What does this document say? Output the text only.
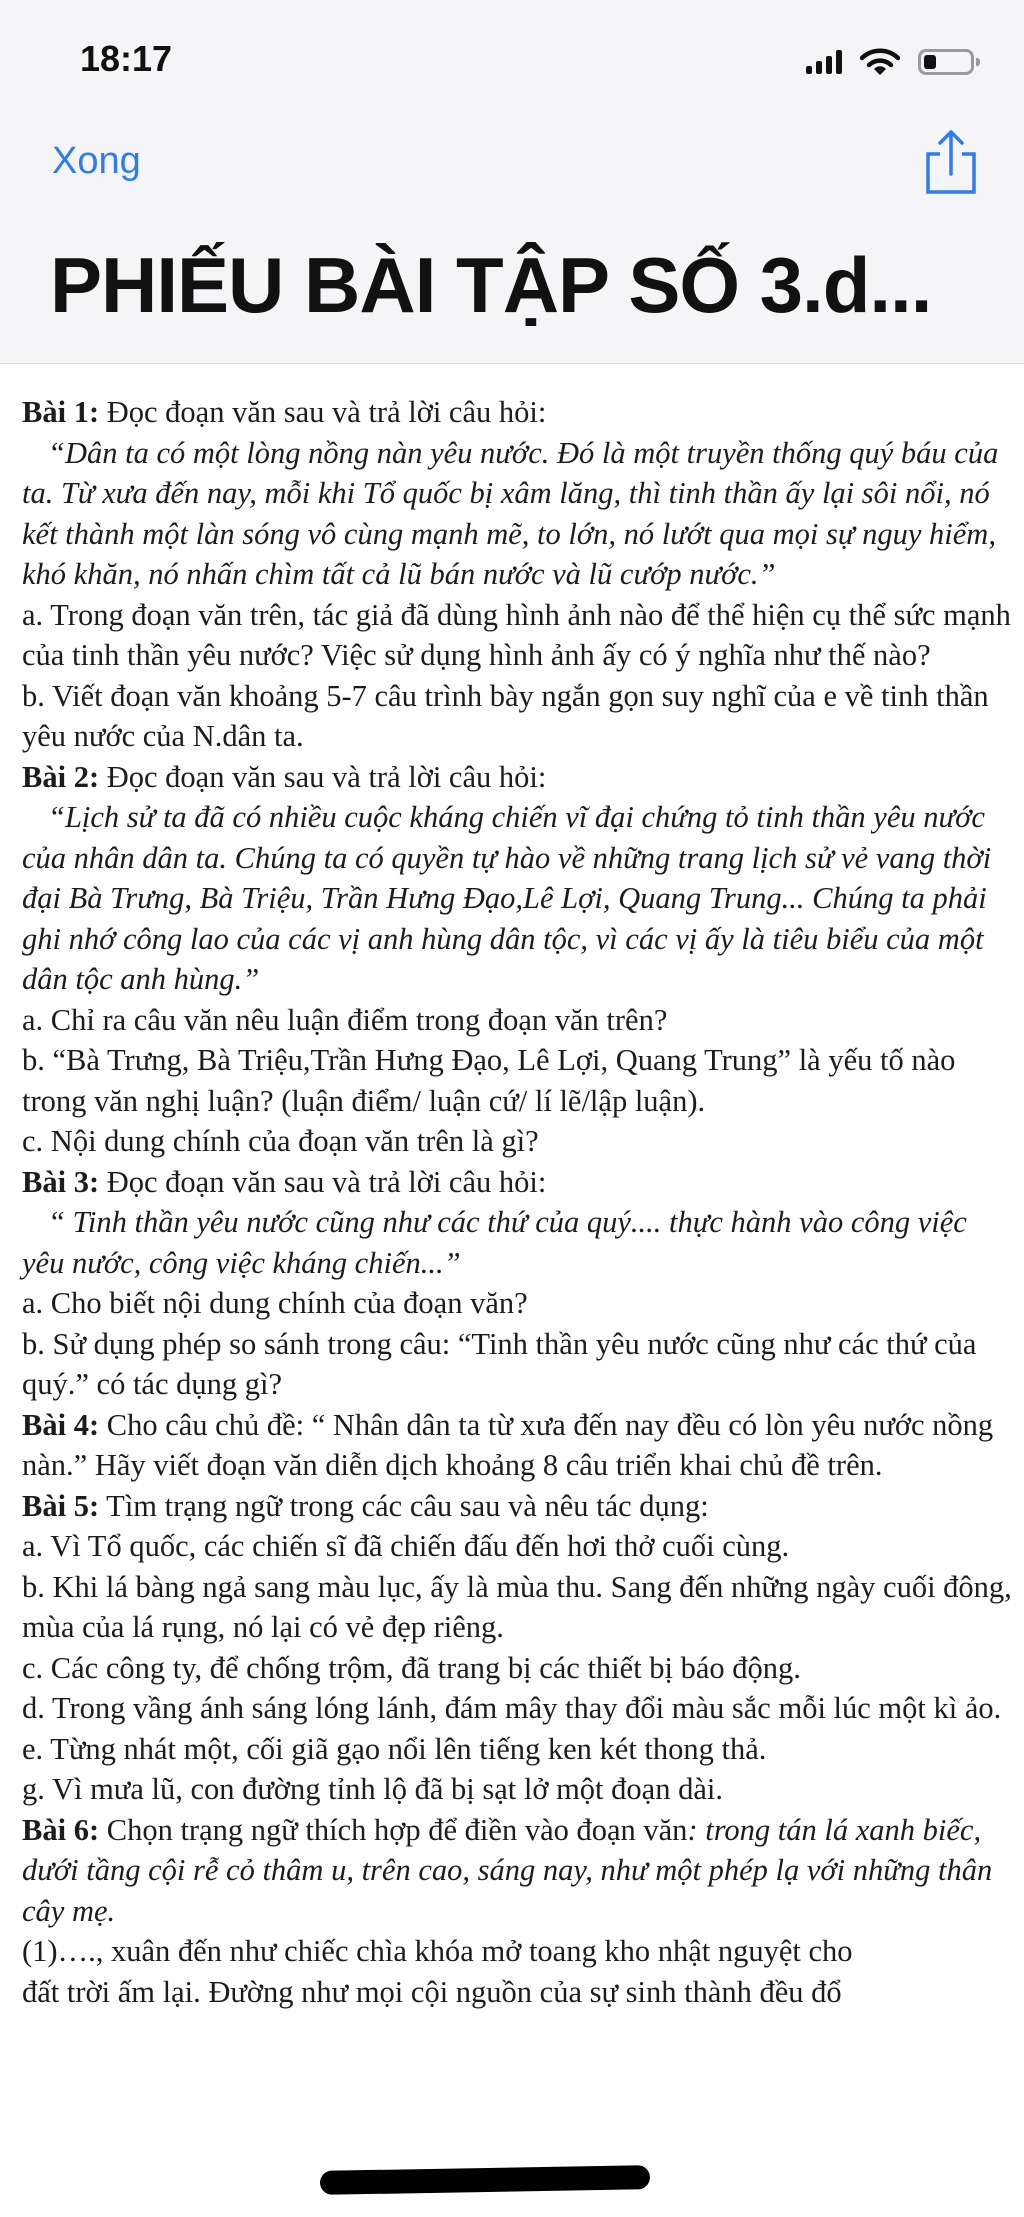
18:17
Xong
PHIẾU BÀI TẬP SỐ 3.d...

Bài 1: Đọc đoạn văn sau và trả lời câu hỏi:

“Dân ta có một lòng nồng nàn yêu nước. Đó là một truyền thống quý báu của ta. Từ xưa đến nay, mỗi khi Tổ quốc bị xâm lăng, thì tinh thần ấy lại sôi nổi, nó kết thành một làn sóng vô cùng mạnh mẽ, to lớn, nó lướt qua mọi sự nguy hiểm, khó khăn, nó nhấn chìm tất cả lũ bán nước và lũ cướp nước.”

a. Trong đoạn văn trên, tác giả đã dùng hình ảnh nào để thể hiện cụ thể sức mạnh của tinh thần yêu nước? Việc sử dụng hình ảnh ấy có ý nghĩa như thế nào?

b. Viết đoạn văn khoảng 5-7 câu trình bày ngắn gọn suy nghĩ của e về tinh thần yêu nước của N.dân ta.

Bài 2: Đọc đoạn văn sau và trả lời câu hỏi:

“Lịch sử ta đã có nhiều cuộc kháng chiến vĩ đại chứng tỏ tinh thần yêu nước của nhân dân ta. Chúng ta có quyền tự hào về những trang lịch sử vẻ vang thời đại Bà Trưng, Bà Triệu, Trần Hưng Đạo,Lê Lợi, Quang Trung... Chúng ta phải ghi nhớ công lao của các vị anh hùng dân tộc, vì các vị ấy là tiêu biểu của một dân tộc anh hùng.”

a. Chỉ ra câu văn nêu luận điểm trong đoạn văn trên?

b. “Bà Trưng, Bà Triệu,Trần Hưng Đạo, Lê Lợi, Quang Trung” là yếu tố nào trong văn nghị luận? (luận điểm/ luận cứ/ lí lẽ/lập luận).

c. Nội dung chính của đoạn văn trên là gì?

Bài 3: Đọc đoạn văn sau và trả lời câu hỏi:

“ Tinh thần yêu nước cũng như các thứ của quý.... thực hành vào công việc yêu nước, công việc kháng chiến...”

a. Cho biết nội dung chính của đoạn văn?

b. Sử dụng phép so sánh trong câu: “Tinh thần yêu nước cũng như các thứ của quý.” có tác dụng gì?

Bài 4: Cho câu chủ đề: “ Nhân dân ta từ xưa đến nay đều có lòn yêu nước nồng nàn.” Hãy viết đoạn văn diễn dịch khoảng 8 câu triển khai chủ đề trên.

Bài 5: Tìm trạng ngữ trong các câu sau và nêu tác dụng:

a. Vì Tổ quốc, các chiến sĩ đã chiến đấu đến hơi thở cuối cùng.

b. Khi lá bàng ngả sang màu lục, ấy là mùa thu. Sang đến những ngày cuối đông, mùa của lá rụng, nó lại có vẻ đẹp riêng.

c. Các công ty, để chống trộm, đã trang bị các thiết bị báo động.

d. Trong vầng ánh sáng lóng lánh, đám mây thay đổi màu sắc mỗi lúc một kì ảo.

e. Từng nhát một, cối giã gạo nổi lên tiếng ken két thong thả.

g. Vì mưa lũ, con đường tỉnh lộ đã bị sạt lở một đoạn dài.

Bài 6: Chọn trạng ngữ thích hợp để điền vào đoạn văn: trong tán lá xanh biếc, dưới tầng cội rễ cỏ thâm u, trên cao, sáng nay, như một phép lạ với những thân cây mẹ.

(1)…., xuân đến như chiếc chìa khóa mở toang kho nhật nguyệt cho

đất trời ấm lại. Đường như mọi cội nguồn của sự sinh thành đều đổ
